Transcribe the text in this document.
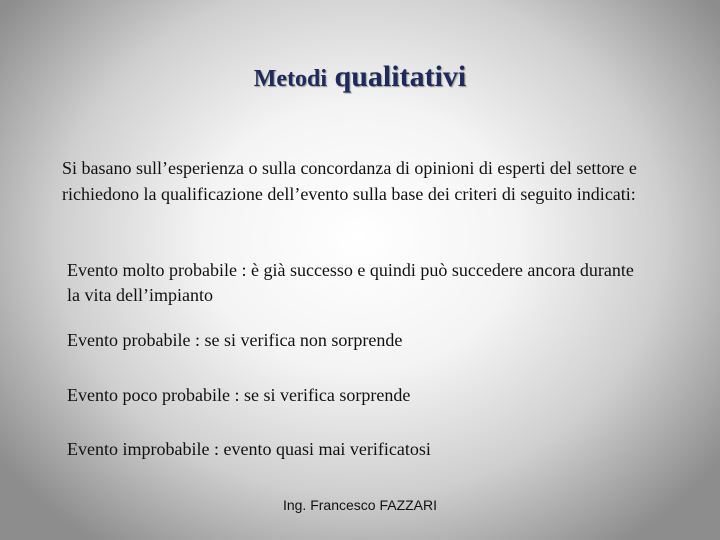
Metodi qualitativi
Si basano sull’esperienza o sulla concordanza di opinioni di esperti del settore e richiedono la qualificazione dell’evento sulla base dei criteri di seguito indicati:
Evento molto probabile : è già successo e quindi può succedere ancora durante la vita dell’impianto
Evento probabile : se si verifica non sorprende
Evento poco probabile : se si verifica sorprende
Evento improbabile : evento quasi mai verificatosi
Ing. Francesco FAZZARI
